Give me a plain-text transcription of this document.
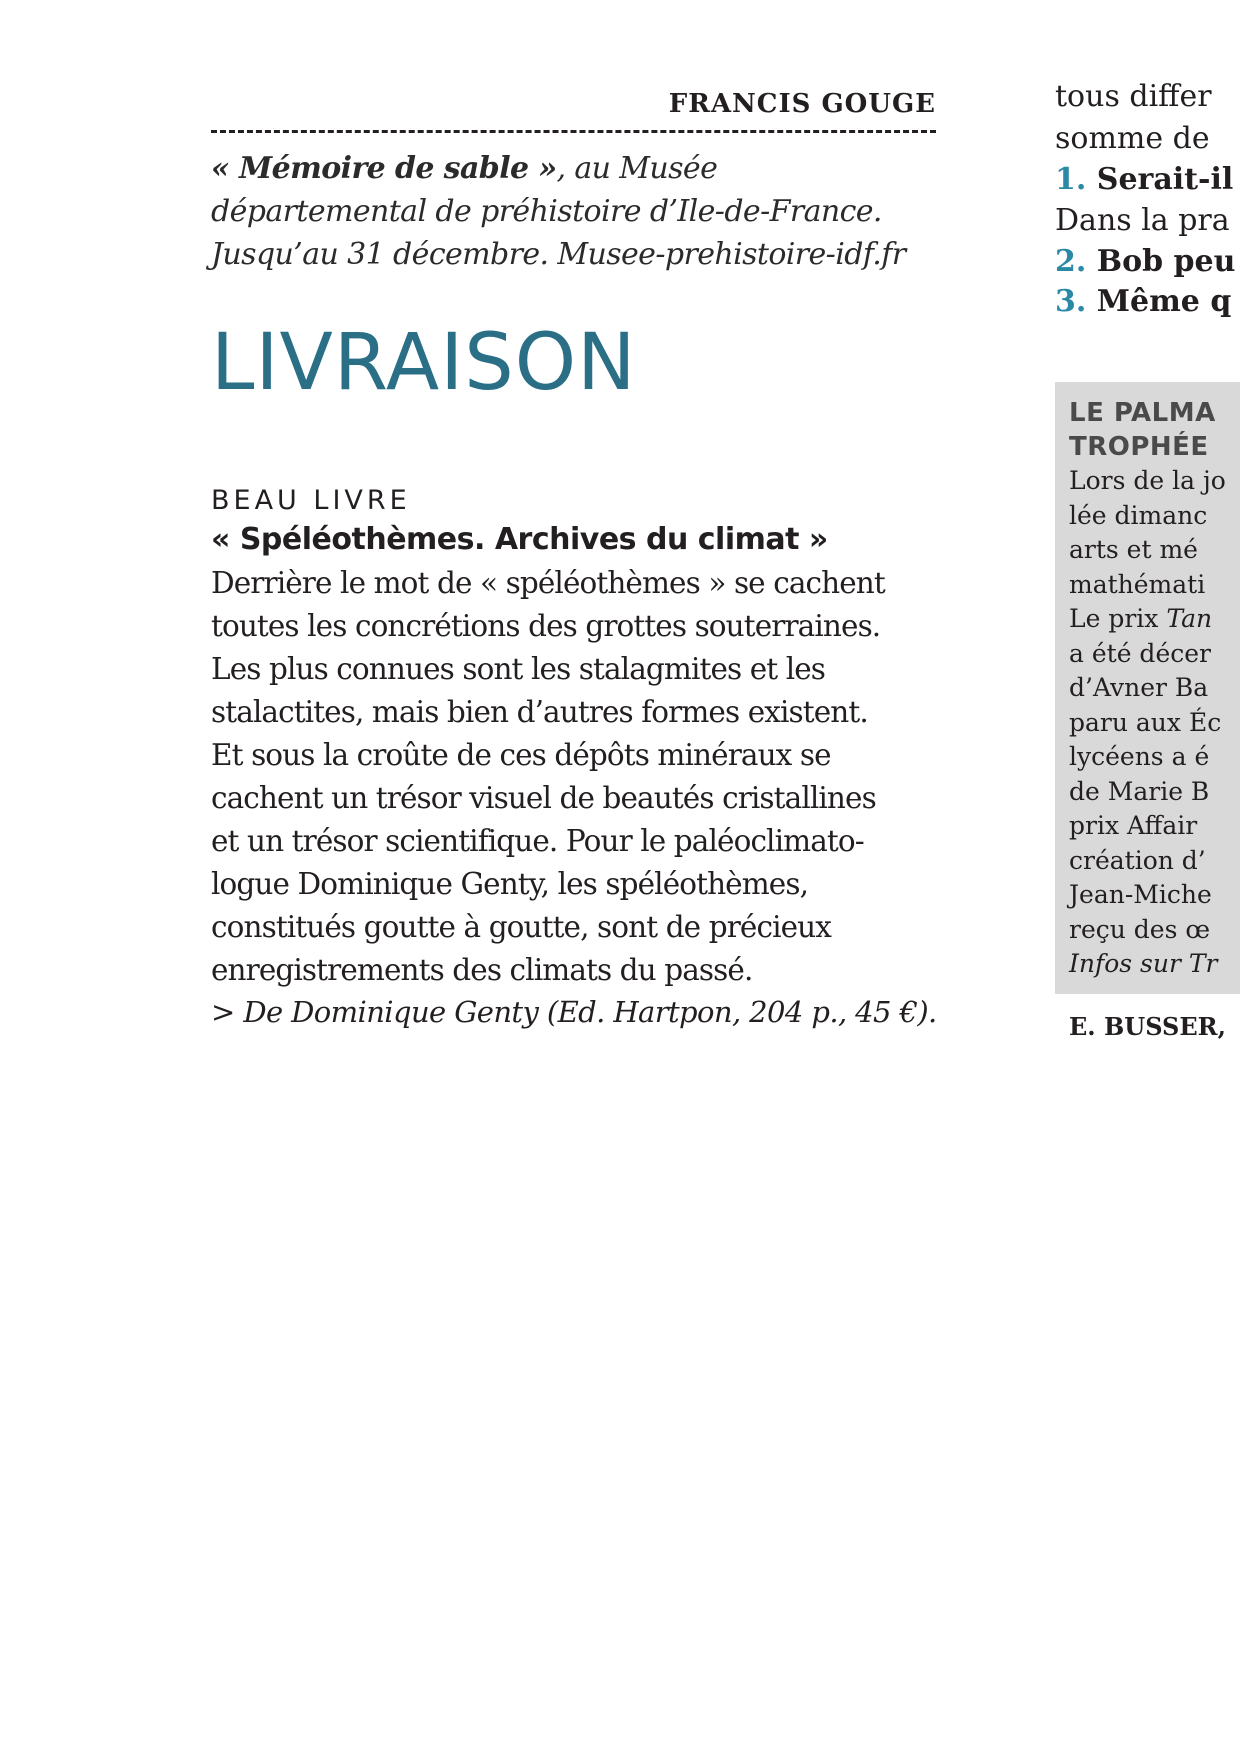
FRANCIS GOUGE
« Mémoire de sable », au Musée
départemental de préhistoire d’Ile-de-France.
Jusqu’au 31 décembre. Musee-prehistoire-idf.fr
LIVRAISON
BEAU LIVRE
« Spéléothèmes. Archives du climat »

Derrière le mot de « spéléothèmes » se cachent
toutes les concrétions des grottes souterraines.
Les plus connues sont les stalagmites et les
stalactites, mais bien d’autres formes existent.
Et sous la croûte de ces dépôts minéraux se
cachent un trésor visuel de beautés cristallines
et un trésor scientifique. Pour le paléoclimato-
logue Dominique Genty, les spéléothèmes,
constitués goutte à goutte, sont de précieux
enregistrements des climats du passé.

> De Dominique Genty (Ed. Hartpon, 204 p., 45 €).
tous differ
somme de
1. Serait-il
Dans la pra
2. Bob peu
3. Même q
LE PALMA
TROPHÉE
Lors de la jo
lée dimanc
arts et mé
mathémati
Le prix Tan
a été décer
d’Avner Ba
paru aux Éc
lycéens a é
de Marie B
prix Affair
création d’
Jean-Miche
reçu des œ
Infos sur Tr
E. BUSSER,
